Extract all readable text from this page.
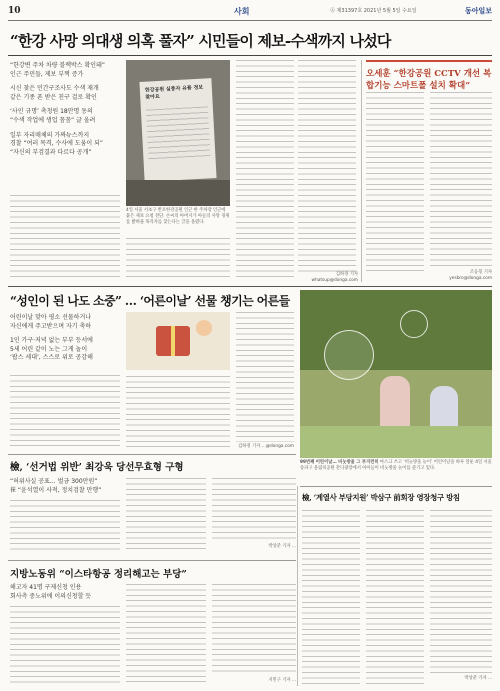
10	사회	Ⓐ 제31397호 2021년 5월 5일 수요일	동아일보
“한강 사망 의대생 의혹 풀자” 시민들이 제보-수색까지 나섰다
“한강변 주차 차량 블랙박스 확인돼”
인근 주민들, 제보 부쩍 증가
시신 찾은 민간구조사도 수색 재개
같은 기종 폰 받은 친구 걸로 확인
‘사인 규명’ 촉청원 18만명 동의
“수색 작업에 생업 꼼꼼” 글 올려
일부 자리매체의 가짜뉴스까지
경찰 “여러 목격, 수사에 도움이 되”
“자신의 부검결과 다르다 공개”
한강공원 실종자 유품 정보 찾아요
4일 서울 서초구 반포한강공원 인근 한 주차장 인근에 붙은 제보 요청 전단. 손씨의 아버지가 아들의 사망 경위를 밝혀줄 목격자를 찾는다는 글을 올렸다.
김하경 기자 whatsup@donga.com
오세훈 “한강공원 CCTV 개선 복합기능 스마트폴 설치 확대”
조응형 기자 yesbro@donga.com
“성인이 된 나도 소중” … ‘어른이날’ 선물 챙기는 어른들
어린이날 맞아 평소 선물하거나
자신에게 주고받으며 자기 축하
1인 가구·저녁 없는 부부 등서에
5세 어린 같이 노는 그게 놀이
‘팝스 세대’, 스스로 위로 공감해
김하경 기자 ...@donga.com
99번째 어린이날… 비눗방울 그 부지런히 마스크 쓰고 ‘비눗방울 놀이’ 어린이날을 하루 앞둔 4일 서울 송파구 올림픽공원 잔디광장에서 아이들이 비눗방울 놀이를 즐기고 있다.
檢, ‘선거법 위반’ 최강욱 당선무효형 구형
“허위사실 공표… 벌금 300만원”
崔 “윤석열이 사적, 정치검찰 만행”
박상준 기자 ...
지방노동위 “이스타항공 정리해고는 부당”
해고자 41명 구제신청 인용
회사측 중노위에 이의신청할 듯
지민구 기자 ...
檢, ‘계열사 부당지원’ 박삼구 前회장 영장청구 방침
박상준 기자 ...
